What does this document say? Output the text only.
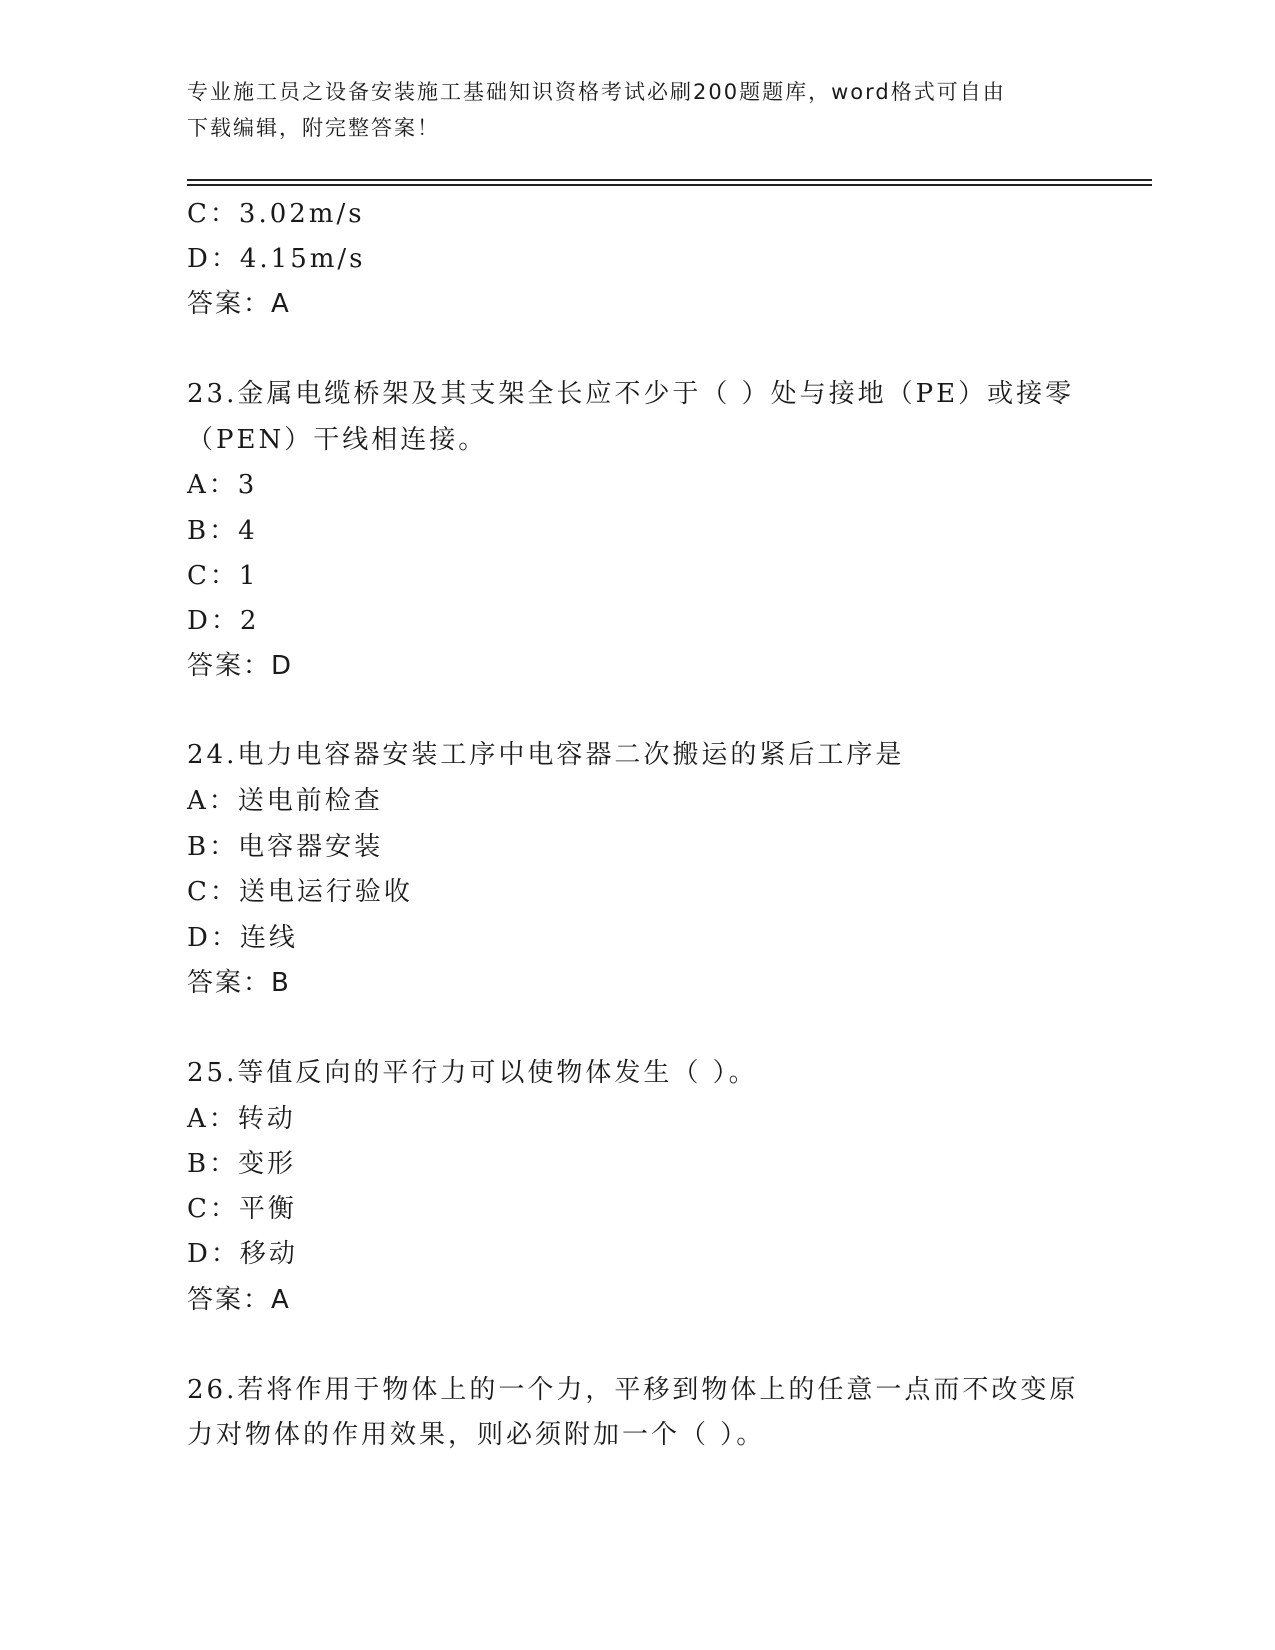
专业施工员之设备安装施工基础知识资格考试必刷200题题库，word格式可自由
下载编辑，附完整答案！
C：3.02m/s
D：4.15m/s
答案：A
23.金属电缆桥架及其支架全长应不少于（ ）处与接地（PE）或接零
（PEN）干线相连接。
A：3
B：4
C：1
D：2
答案：D
24.电力电容器安装工序中电容器二次搬运的紧后工序是
A：送电前检查
B：电容器安装
C：送电运行验收
D：连线
答案：B
25.等值反向的平行力可以使物体发生（ ）。
A：转动
B：变形
C：平衡
D：移动
答案：A
26.若将作用于物体上的一个力，平移到物体上的任意一点而不改变原
力对物体的作用效果，则必须附加一个（ ）。
